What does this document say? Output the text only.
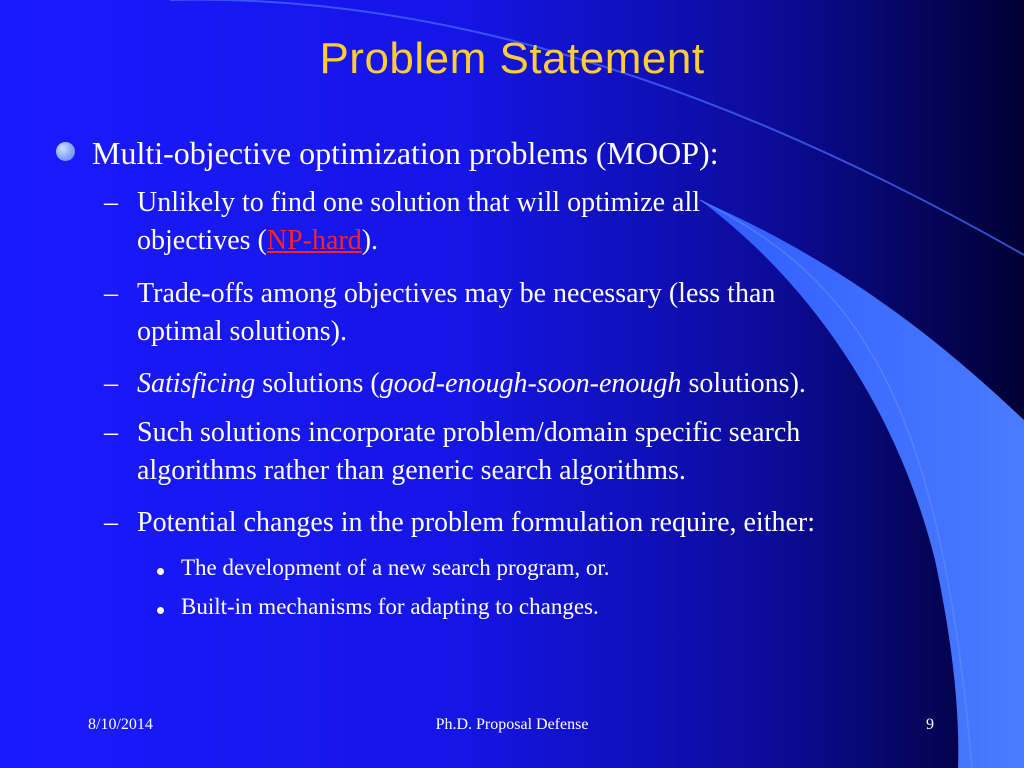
Problem Statement
Multi-objective optimization problems (MOOP):
– Unlikely to find one solution that will optimize all
objectives (NP-hard).
– Trade-offs among objectives may be necessary (less than
optimal solutions).
– Satisficing solutions (good-enough-soon-enough solutions).
– Such solutions incorporate problem/domain specific search
algorithms rather than generic search algorithms.
– Potential changes in the problem formulation require, either:
The development of a new search program, or.
Built-in mechanisms for adapting to changes.
8/10/2014	Ph.D. Proposal Defense	9
